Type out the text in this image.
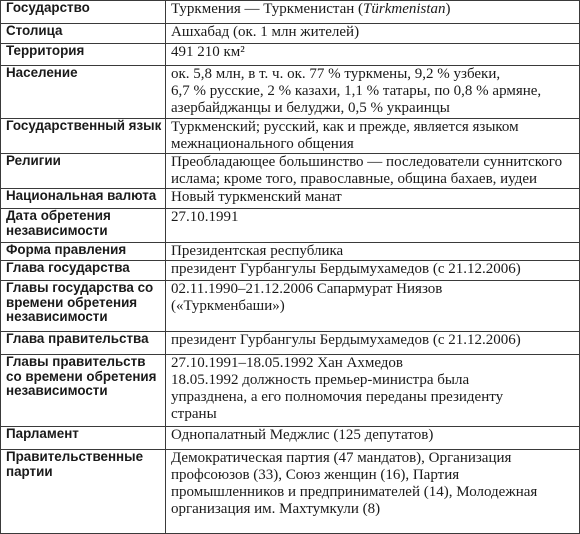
Государство	Туркмения — Туркменистан (Türkmenistan)

Столица	Ашхабад (ок. 1 млн жителей)

Территория	491 210 км²

Население	ок. 5,8 млн, в т. ч. ок. 77 % туркмены, 9,2 % узбеки,
6,7 % русские, 2 % казахи, 1,1 % татары, по 0,8 % армяне,
азербайджанцы и белуджи, 0,5 % украинцы

Государственный язык	Туркменский; русский, как и прежде, является языком
межнационального общения

Религии	Преобладающее большинство — последователи суннитского
ислама; кроме того, православные, община бахаев, иудеи

Национальная валюта	Новый туркменский манат

Дата обретения
независимости	27.10.1991

Форма правления	Президентская республика

Глава государства	президент Гурбангулы Бердымухамедов (с 21.12.2006)

Главы государства со
времени обретения
независимости	02.11.1990–21.12.2006 Сапармурат Ниязов
(«Туркменбаши»)

Глава правительства	президент Гурбангулы Бердымухамедов (с 21.12.2006)

Главы правительств
со времени обретения
независимости	27.10.1991–18.05.1992 Хан Ахмедов
18.05.1992 должность премьер-министра была
упразднена, а его полномочия переданы президенту
страны

Парламент	Однопалатный Меджлис (125 депутатов)

Правительственные
партии	Демократическая партия (47 мандатов), Организация
профсоюзов (33), Союз женщин (16), Партия
промышленников и предпринимателей (14), Молодежная
организация им. Махтумкули (8)
